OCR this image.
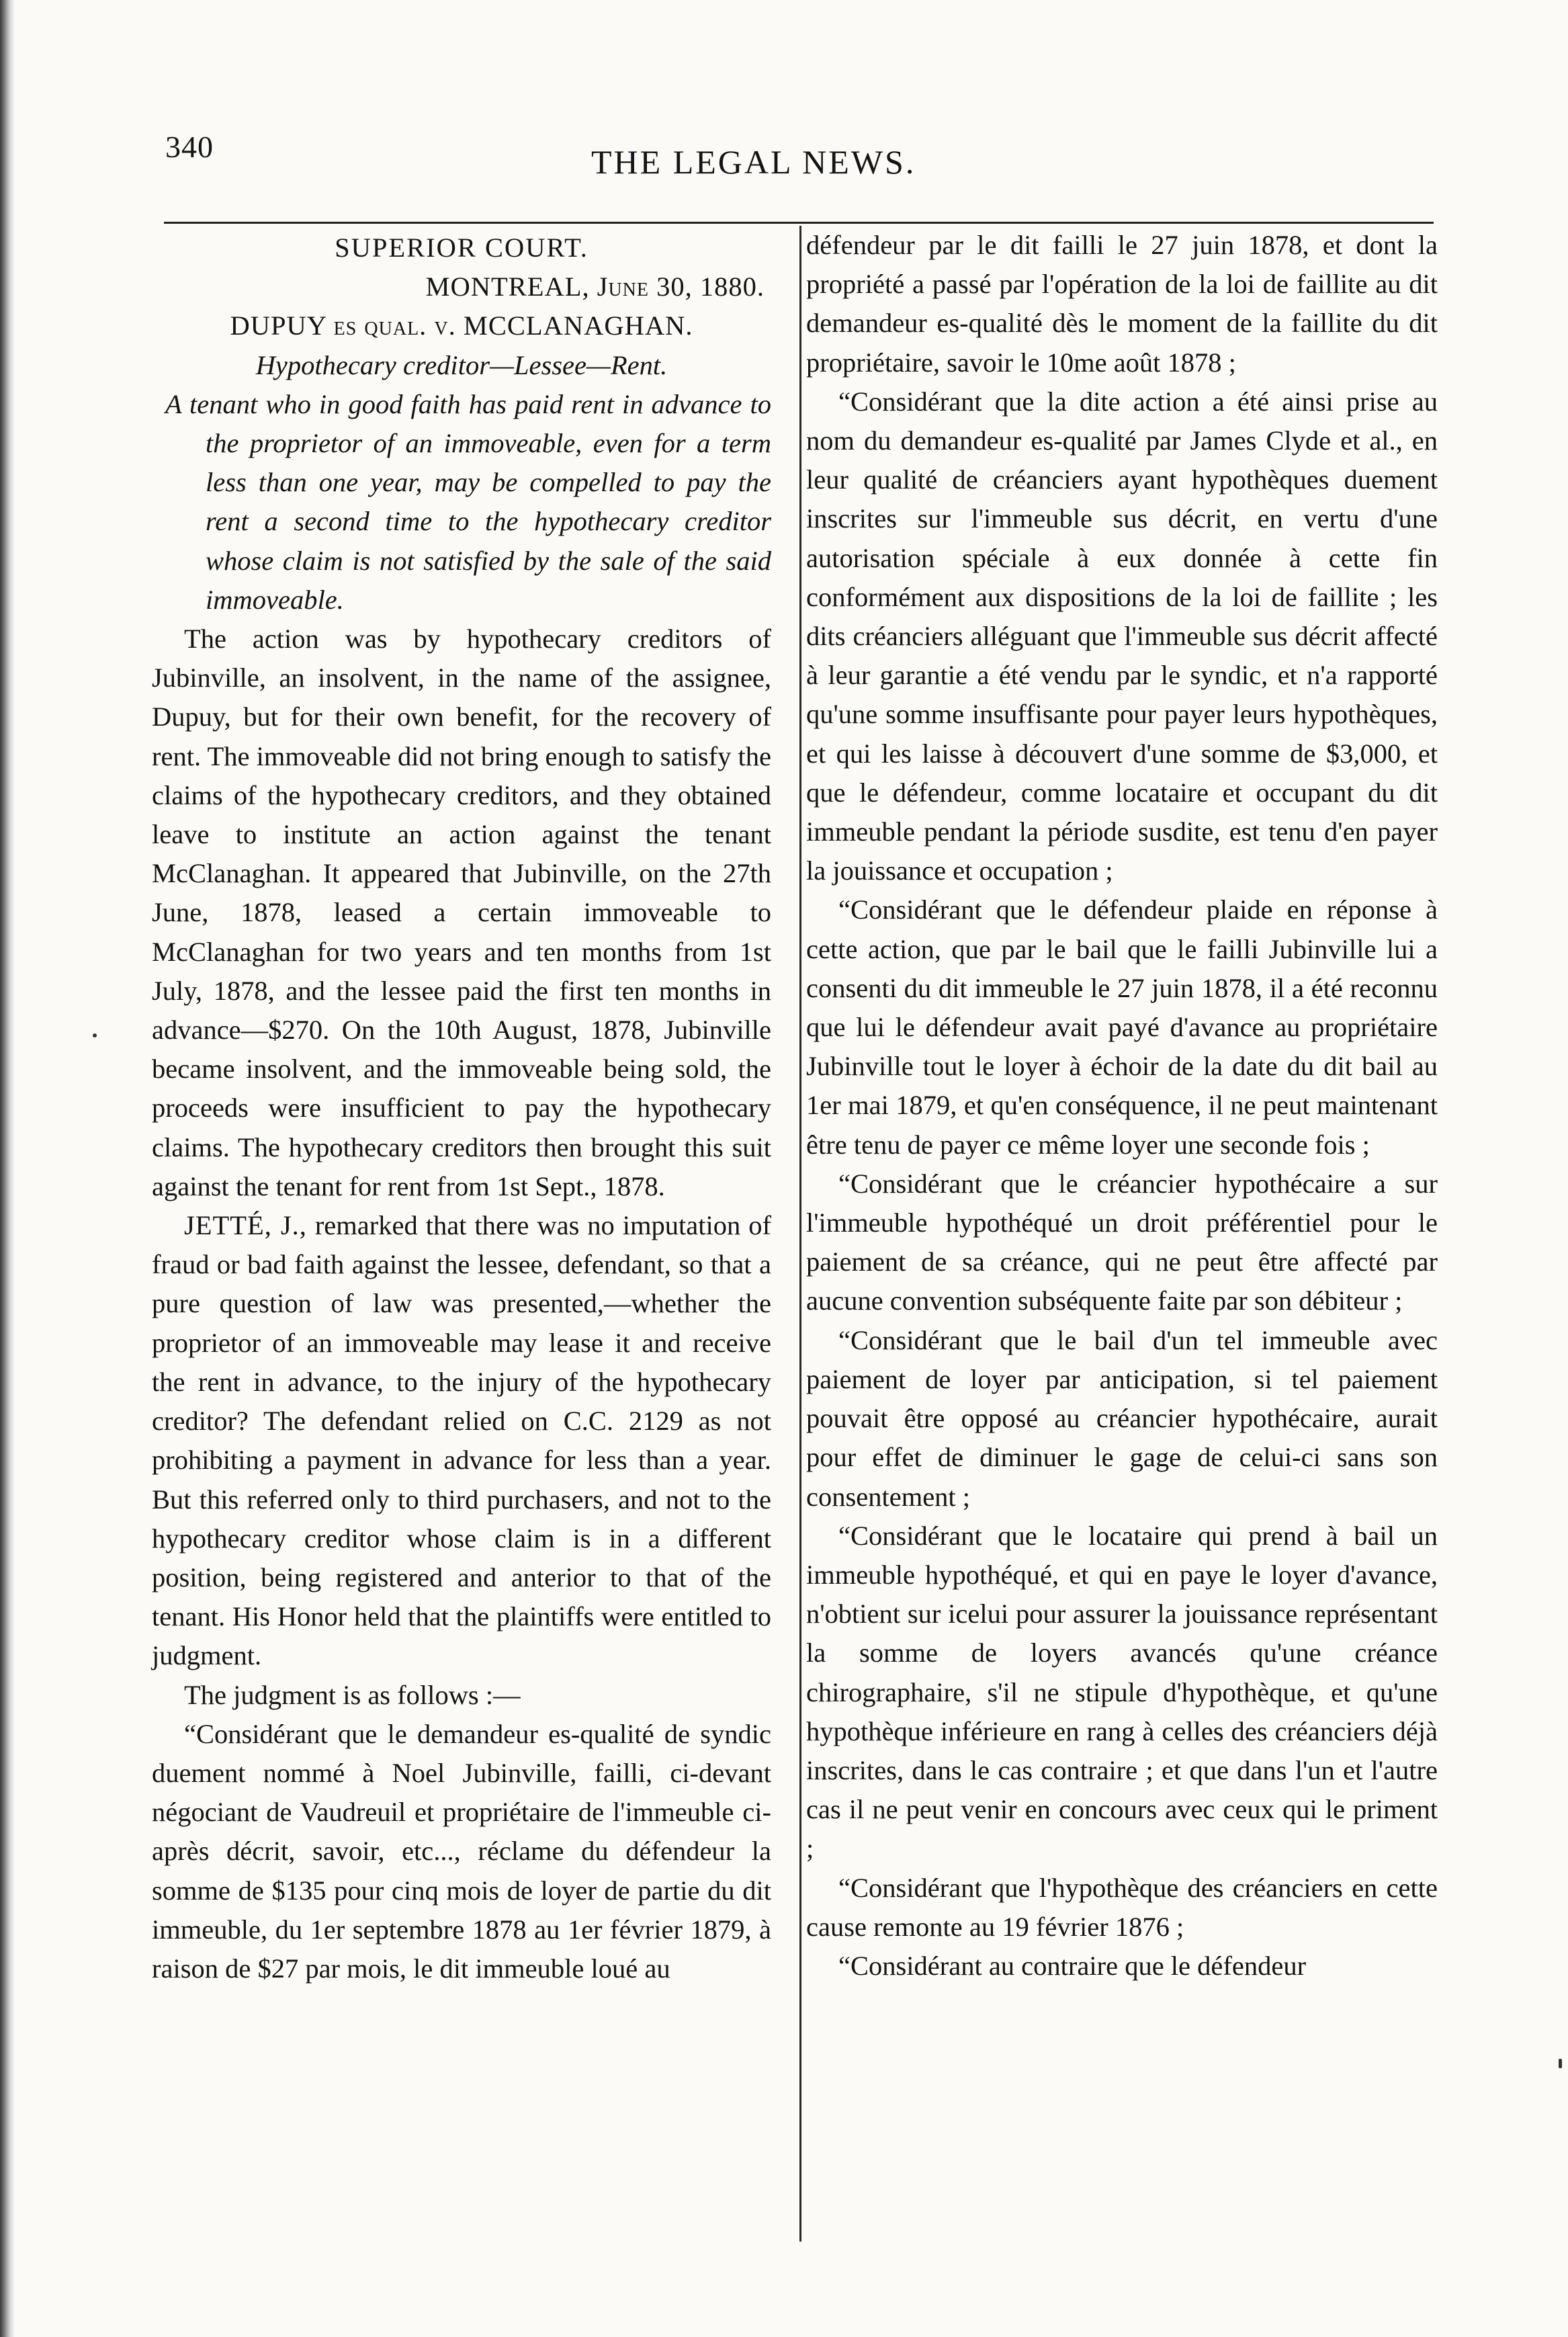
340	THE LEGAL NEWS.

SUPERIOR COURT.

MONTREAL, June 30, 1880.

DUPUY es qual. v. MCCLANAGHAN.

Hypothecary creditor—Lessee—Rent.

A tenant who in good faith has paid rent in advance to the proprietor of an immoveable, even for a term less than one year, may be compelled to pay the rent a second time to the hypothecary creditor whose claim is not satisfied by the sale of the said immoveable.

The action was by hypothecary creditors of Jubinville, an insolvent, in the name of the assignee, Dupuy, but for their own benefit, for the recovery of rent. The immoveable did not bring enough to satisfy the claims of the hypothecary creditors, and they obtained leave to institute an action against the tenant McClanaghan. It appeared that Jubinville, on the 27th June, 1878, leased a certain immoveable to McClanaghan for two years and ten months from 1st July, 1878, and the lessee paid the first ten months in advance—$270. On the 10th August, 1878, Jubinville became insolvent, and the immoveable being sold, the proceeds were insufficient to pay the hypothecary claims. The hypothecary creditors then brought this suit against the tenant for rent from 1st Sept., 1878.

JETTÉ, J., remarked that there was no imputation of fraud or bad faith against the lessee, defendant, so that a pure question of law was presented,—whether the proprietor of an immoveable may lease it and receive the rent in advance, to the injury of the hypothecary creditor? The defendant relied on C.C. 2129 as not prohibiting a payment in advance for less than a year. But this referred only to third purchasers, and not to the hypothecary creditor whose claim is in a different position, being registered and anterior to that of the tenant. His Honor held that the plaintiffs were entitled to judgment.

The judgment is as follows :—

“Considérant que le demandeur es-qualité de syndic duement nommé à Noel Jubinville, failli, ci-devant négociant de Vaudreuil et propriétaire de l'immeuble ci-après décrit, savoir, etc..., réclame du défendeur la somme de $135 pour cinq mois de loyer de partie du dit immeuble, du 1er septembre 1878 au 1er février 1879, à raison de $27 par mois, le dit immeuble loué au

défendeur par le dit failli le 27 juin 1878, et dont la propriété a passé par l'opération de la loi de faillite au dit demandeur es-qualité dès le moment de la faillite du dit propriétaire, savoir le 10me août 1878 ;

“Considérant que la dite action a été ainsi prise au nom du demandeur es-qualité par James Clyde et al., en leur qualité de créanciers ayant hypothèques duement inscrites sur l'immeuble sus décrit, en vertu d'une autorisation spéciale à eux donnée à cette fin conformément aux dispositions de la loi de faillite ; les dits créanciers alléguant que l'immeuble sus décrit affecté à leur garantie a été vendu par le syndic, et n'a rapporté qu'une somme insuffisante pour payer leurs hypothèques, et qui les laisse à découvert d'une somme de $3,000, et que le défendeur, comme locataire et occupant du dit immeuble pendant la période susdite, est tenu d'en payer la jouissance et occupation ;

“Considérant que le défendeur plaide en réponse à cette action, que par le bail que le failli Jubinville lui a consenti du dit immeuble le 27 juin 1878, il a été reconnu que lui le défendeur avait payé d'avance au propriétaire Jubinville tout le loyer à échoir de la date du dit bail au 1er mai 1879, et qu'en conséquence, il ne peut maintenant être tenu de payer ce même loyer une seconde fois ;

“Considérant que le créancier hypothécaire a sur l'immeuble hypothéqué un droit préférentiel pour le paiement de sa créance, qui ne peut être affecté par aucune convention subséquente faite par son débiteur ;

“Considérant que le bail d'un tel immeuble avec paiement de loyer par anticipation, si tel paiement pouvait être opposé au créancier hypothécaire, aurait pour effet de diminuer le gage de celui-ci sans son consentement ;

“Considérant que le locataire qui prend à bail un immeuble hypothéqué, et qui en paye le loyer d'avance, n'obtient sur icelui pour assurer la jouissance représentant la somme de loyers avancés qu'une créance chirographaire, s'il ne stipule d'hypothèque, et qu'une hypothèque inférieure en rang à celles des créanciers déjà inscrites, dans le cas contraire ; et que dans l'un et l'autre cas il ne peut venir en concours avec ceux qui le priment ;

“Considérant que l'hypothèque des créanciers en cette cause remonte au 19 février 1876 ;

“Considérant au contraire que le défendeur
